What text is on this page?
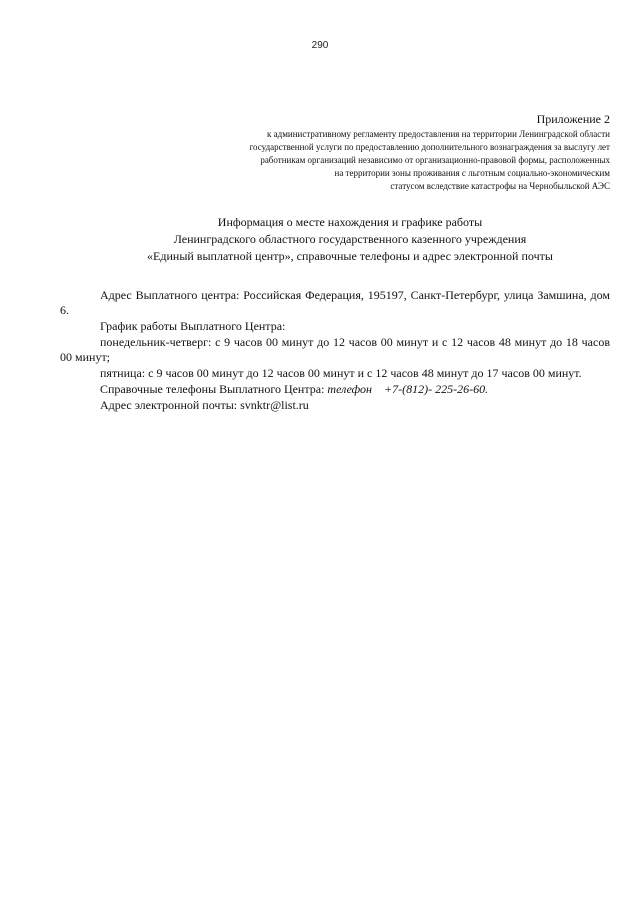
290
Приложение 2
к административному регламенту предоставления на территории Ленинградской области
государственной услуги по предоставлению дополнительного вознаграждения за выслугу лет
работникам организаций независимо от организационно-правовой формы, расположенных
на территории зоны проживания с льготным социально-экономическим
статусом вследствие катастрофы на Чернобыльской АЭС
Информация о месте нахождения и графике работы
Ленинградского областного государственного казенного учреждения
«Единый выплатной центр», справочные телефоны и адрес электронной почты

Адрес Выплатного центра: Российская Федерация, 195197, Санкт-Петербург, улица Замшина, дом 6.

График работы Выплатного Центра:

понедельник-четверг: с 9 часов 00 минут до 12 часов 00 минут и с 12 часов 48 минут до 18 часов 00 минут;

пятница: с 9 часов 00 минут до 12 часов 00 минут и с 12 часов 48 минут до 17 часов 00 минут.

Справочные телефоны Выплатного Центра: телефон +7-(812)- 225-26-60.

Адрес электронной почты: svnktr@list.ru
